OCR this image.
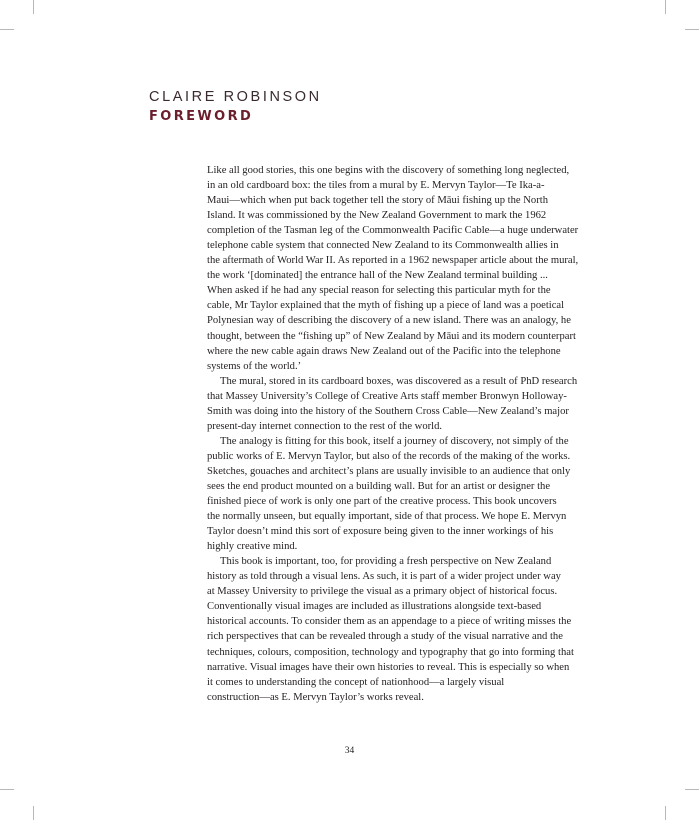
CLAIRE ROBINSON
FOREWORD
Like all good stories, this one begins with the discovery of something long neglected,
in an old cardboard box: the tiles from a mural by E. Mervyn Taylor—Te Ika-a-
Maui—which when put back together tell the story of Māui fishing up the North
Island. It was commissioned by the New Zealand Government to mark the 1962
completion of the Tasman leg of the Commonwealth Pacific Cable—a huge underwater
telephone cable system that connected New Zealand to its Commonwealth allies in
the aftermath of World War II. As reported in a 1962 newspaper article about the mural,
the work ‘[dominated] the entrance hall of the New Zealand terminal building ...
When asked if he had any special reason for selecting this particular myth for the
cable, Mr Taylor explained that the myth of fishing up a piece of land was a poetical
Polynesian way of describing the discovery of a new island. There was an analogy, he
thought, between the “fishing up” of New Zealand by Māui and its modern counterpart
where the new cable again draws New Zealand out of the Pacific into the telephone
systems of the world.’
The mural, stored in its cardboard boxes, was discovered as a result of PhD research
that Massey University’s College of Creative Arts staff member Bronwyn Holloway-
Smith was doing into the history of the Southern Cross Cable—New Zealand’s major
present-day internet connection to the rest of the world.
The analogy is fitting for this book, itself a journey of discovery, not simply of the
public works of E. Mervyn Taylor, but also of the records of the making of the works.
Sketches, gouaches and architect’s plans are usually invisible to an audience that only
sees the end product mounted on a building wall. But for an artist or designer the
finished piece of work is only one part of the creative process. This book uncovers
the normally unseen, but equally important, side of that process. We hope E. Mervyn
Taylor doesn’t mind this sort of exposure being given to the inner workings of his
highly creative mind.
This book is important, too, for providing a fresh perspective on New Zealand
history as told through a visual lens. As such, it is part of a wider project under way
at Massey University to privilege the visual as a primary object of historical focus.
Conventionally visual images are included as illustrations alongside text-based
historical accounts. To consider them as an appendage to a piece of writing misses the
rich perspectives that can be revealed through a study of the visual narrative and the
techniques, colours, composition, technology and typography that go into forming that
narrative. Visual images have their own histories to reveal. This is especially so when
it comes to understanding the concept of nationhood—a largely visual
construction—as E. Mervyn Taylor’s works reveal.
34
